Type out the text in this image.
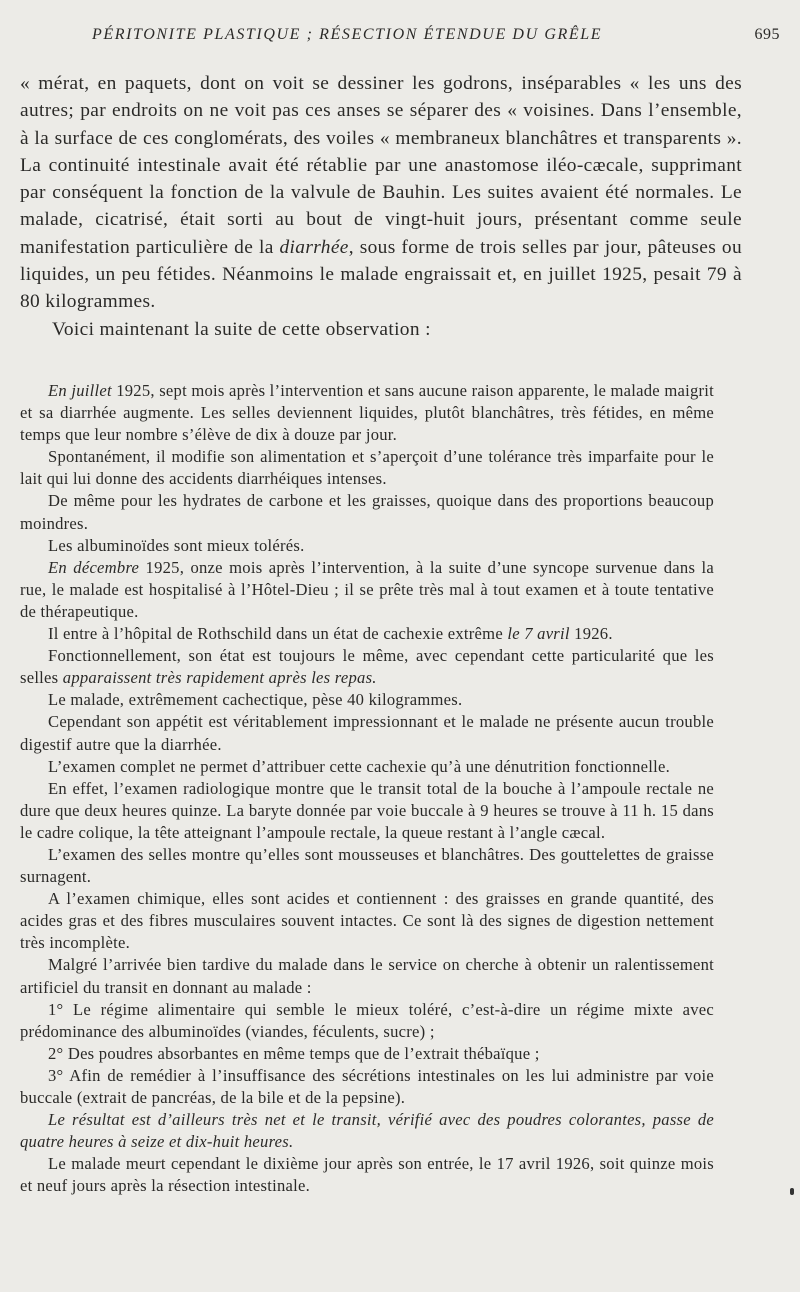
PÉRITONITE PLASTIQUE ; RÉSECTION ÉTENDUE DU GRÊLE	695

« mérat, en paquets, dont on voit se dessiner les godrons, inséparables « les uns des autres; par endroits on ne voit pas ces anses se séparer des « voisines. Dans l’ensemble, à la surface de ces conglomérats, des voiles « membraneux blanchâtres et transparents ». La continuité intestinale avait été rétablie par une anastomose iléo-cæcale, supprimant par conséquent la fonction de la valvule de Bauhin. Les suites avaient été normales. Le malade, cicatrisé, était sorti au bout de vingt-huit jours, présentant comme seule manifestation particulière de la diarrhée, sous forme de trois selles par jour, pâteuses ou liquides, un peu fétides. Néanmoins le malade engraissait et, en juillet 1925, pesait 79 à 80 kilogrammes.

Voici maintenant la suite de cette observation :

En juillet 1925, sept mois après l’intervention et sans aucune raison apparente, le malade maigrit et sa diarrhée augmente. Les selles deviennent liquides, plutôt blanchâtres, très fétides, en même temps que leur nombre s’élève de dix à douze par jour.

Spontanément, il modifie son alimentation et s’aperçoit d’une tolérance très imparfaite pour le lait qui lui donne des accidents diarrhéiques intenses.

De même pour les hydrates de carbone et les graisses, quoique dans des proportions beaucoup moindres.

Les albuminoïdes sont mieux tolérés.

En décembre 1925, onze mois après l’intervention, à la suite d’une syncope survenue dans la rue, le malade est hospitalisé à l’Hôtel-Dieu ; il se prête très mal à tout examen et à toute tentative de thérapeutique.

Il entre à l’hôpital de Rothschild dans un état de cachexie extrême le 7 avril 1926.

Fonctionnellement, son état est toujours le même, avec cependant cette particularité que les selles apparaissent très rapidement après les repas.

Le malade, extrêmement cachectique, pèse 40 kilogrammes.

Cependant son appétit est véritablement impressionnant et le malade ne présente aucun trouble digestif autre que la diarrhée.

L’examen complet ne permet d’attribuer cette cachexie qu’à une dénutrition fonctionnelle.

En effet, l’examen radiologique montre que le transit total de la bouche à l’ampoule rectale ne dure que deux heures quinze. La baryte donnée par voie buccale à 9 heures se trouve à 11 h. 15 dans le cadre colique, la tête atteignant l’ampoule rectale, la queue restant à l’angle cæcal.

L’examen des selles montre qu’elles sont mousseuses et blanchâtres. Des gouttelettes de graisse surnagent.

A l’examen chimique, elles sont acides et contiennent : des graisses en grande quantité, des acides gras et des fibres musculaires souvent intactes. Ce sont là des signes de digestion nettement très incomplète.

Malgré l’arrivée bien tardive du malade dans le service on cherche à obtenir un ralentissement artificiel du transit en donnant au malade :

1° Le régime alimentaire qui semble le mieux toléré, c’est-à-dire un régime mixte avec prédominance des albuminoïdes (viandes, féculents, sucre) ;

2° Des poudres absorbantes en même temps que de l’extrait thébaïque ;

3° Afin de remédier à l’insuffisance des sécrétions intestinales on les lui administre par voie buccale (extrait de pancréas, de la bile et de la pepsine).

Le résultat est d’ailleurs très net et le transit, vérifié avec des poudres colorantes, passe de quatre heures à seize et dix-huit heures.

Le malade meurt cependant le dixième jour après son entrée, le 17 avril 1926, soit quinze mois et neuf jours après la résection intestinale.
